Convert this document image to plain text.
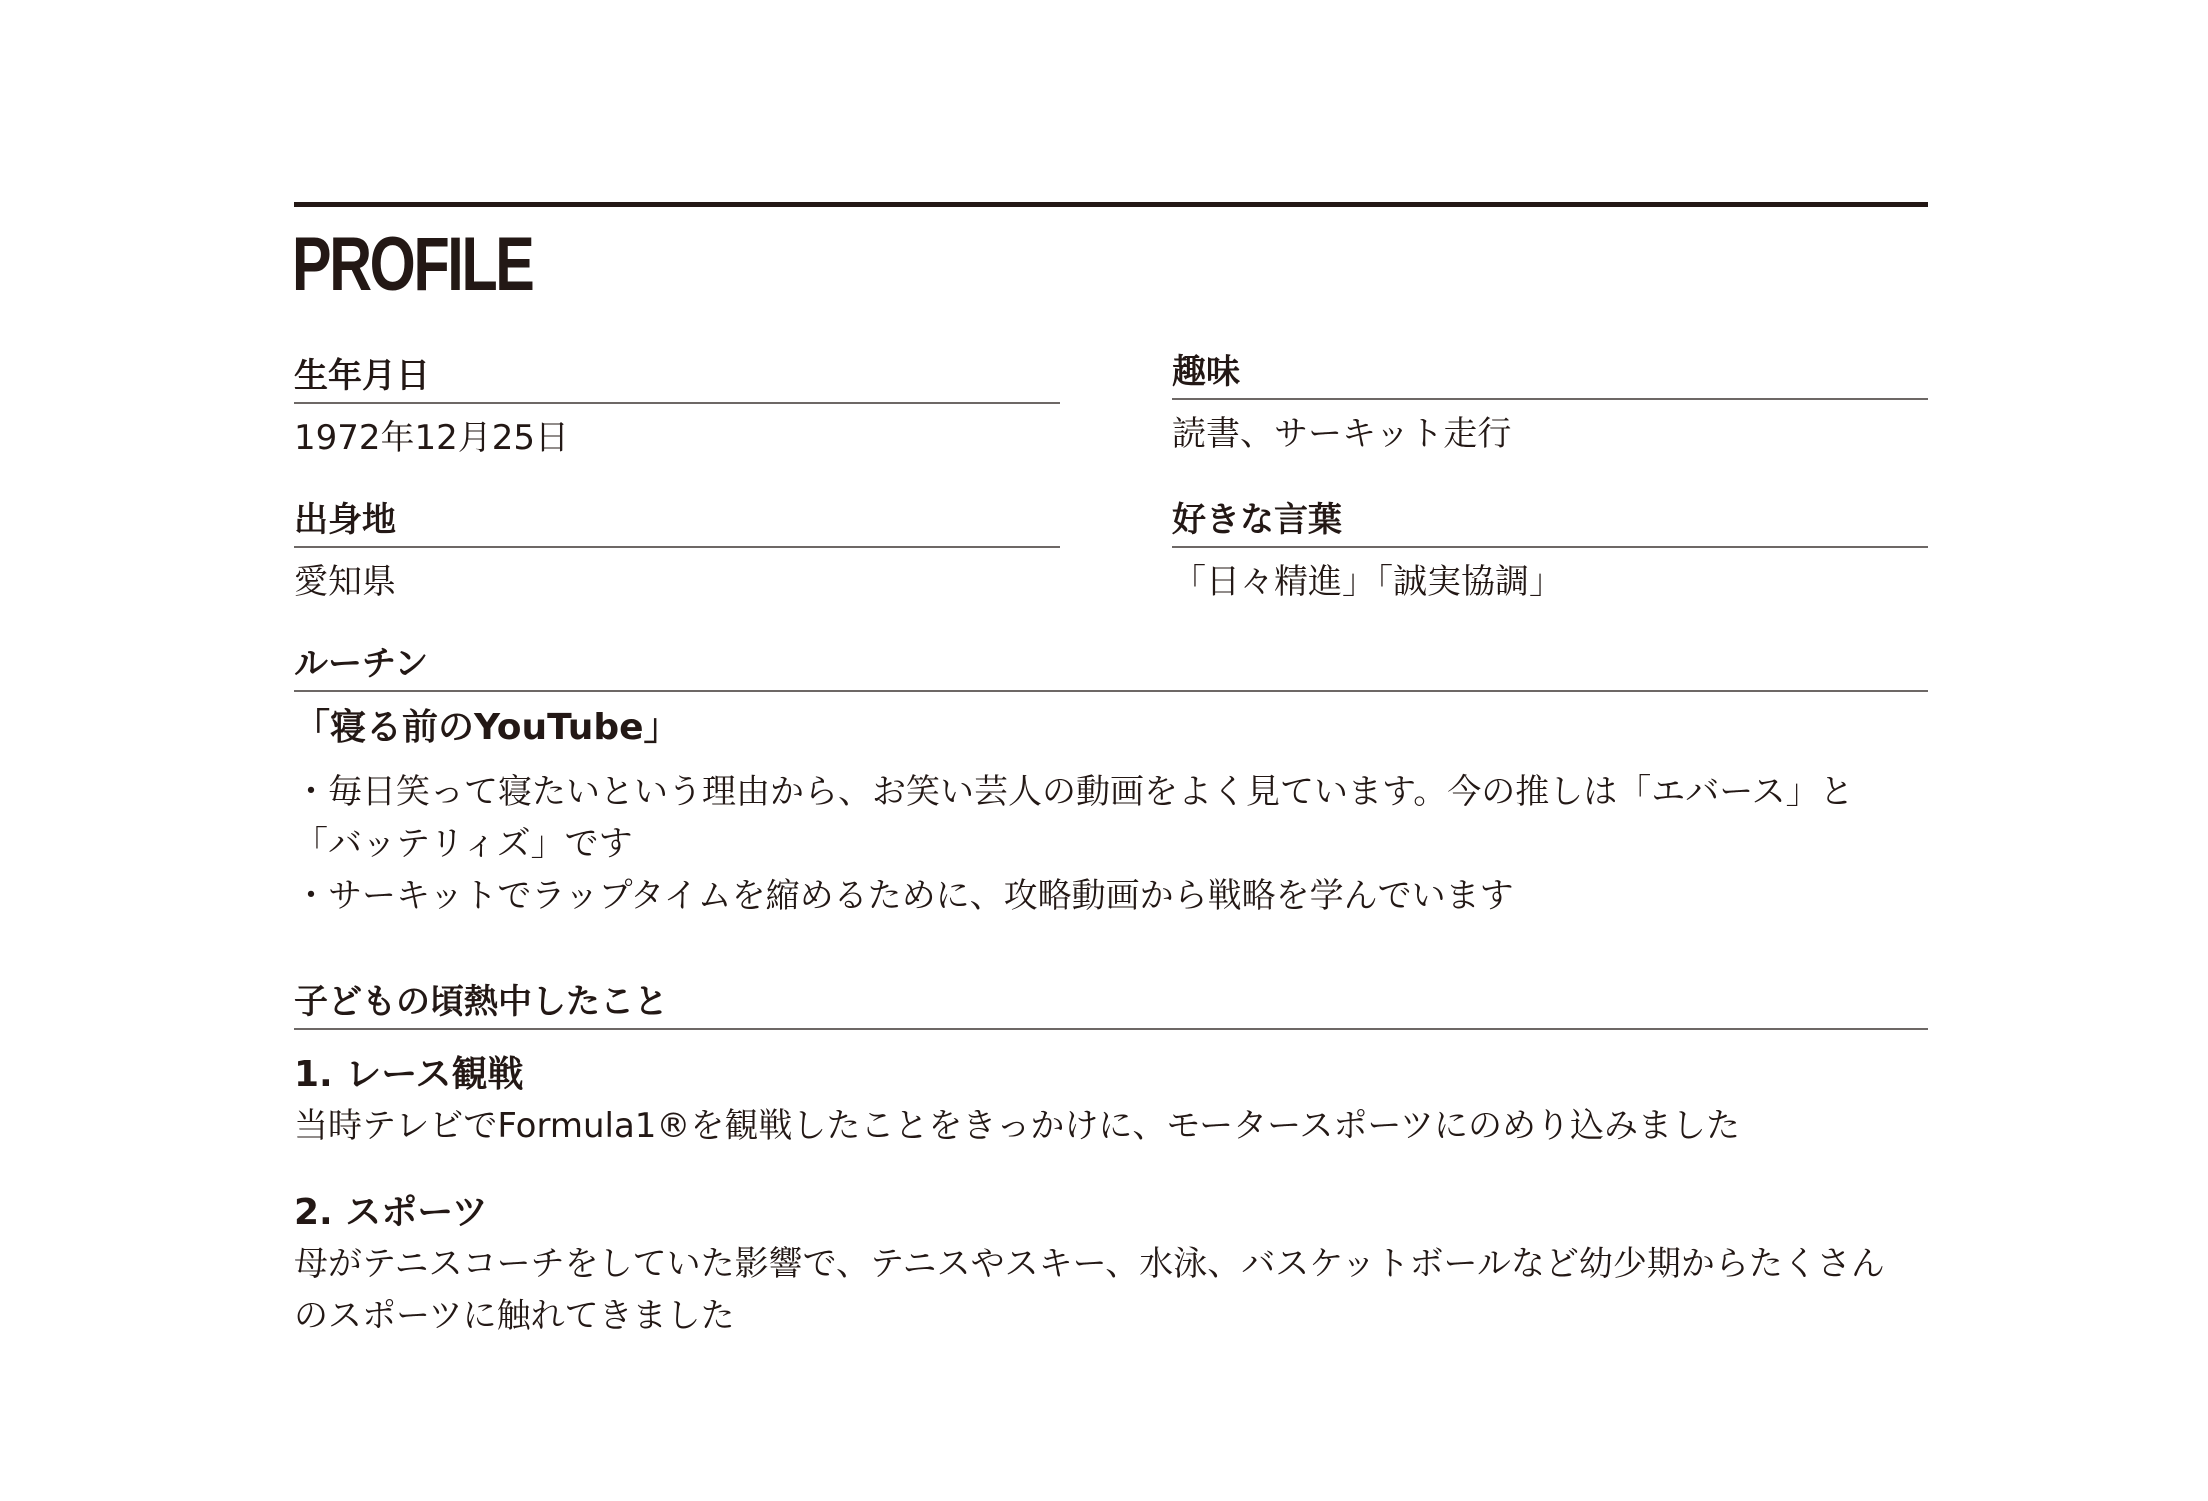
PROFILE
生年月日
1972年12月25日
趣味
読書、サーキット走行
出身地
愛知県
好きな言葉
「日々精進」「誠実協調」
ルーチン
「寝る前のYouTube」
・毎日笑って寝たいという理由から、お笑い芸人の動画をよく見ています。今の推しは「エバース」と
「バッテリィズ」です
・サーキットでラップタイムを縮めるために、攻略動画から戦略を学んでいます
子どもの頃熱中したこと
1. レース観戦
当時テレビでFormula1®を観戦したことをきっかけに、モータースポーツにのめり込みました
2. スポーツ
母がテニスコーチをしていた影響で、テニスやスキー、水泳、バスケットボールなど幼少期からたくさん
のスポーツに触れてきました
